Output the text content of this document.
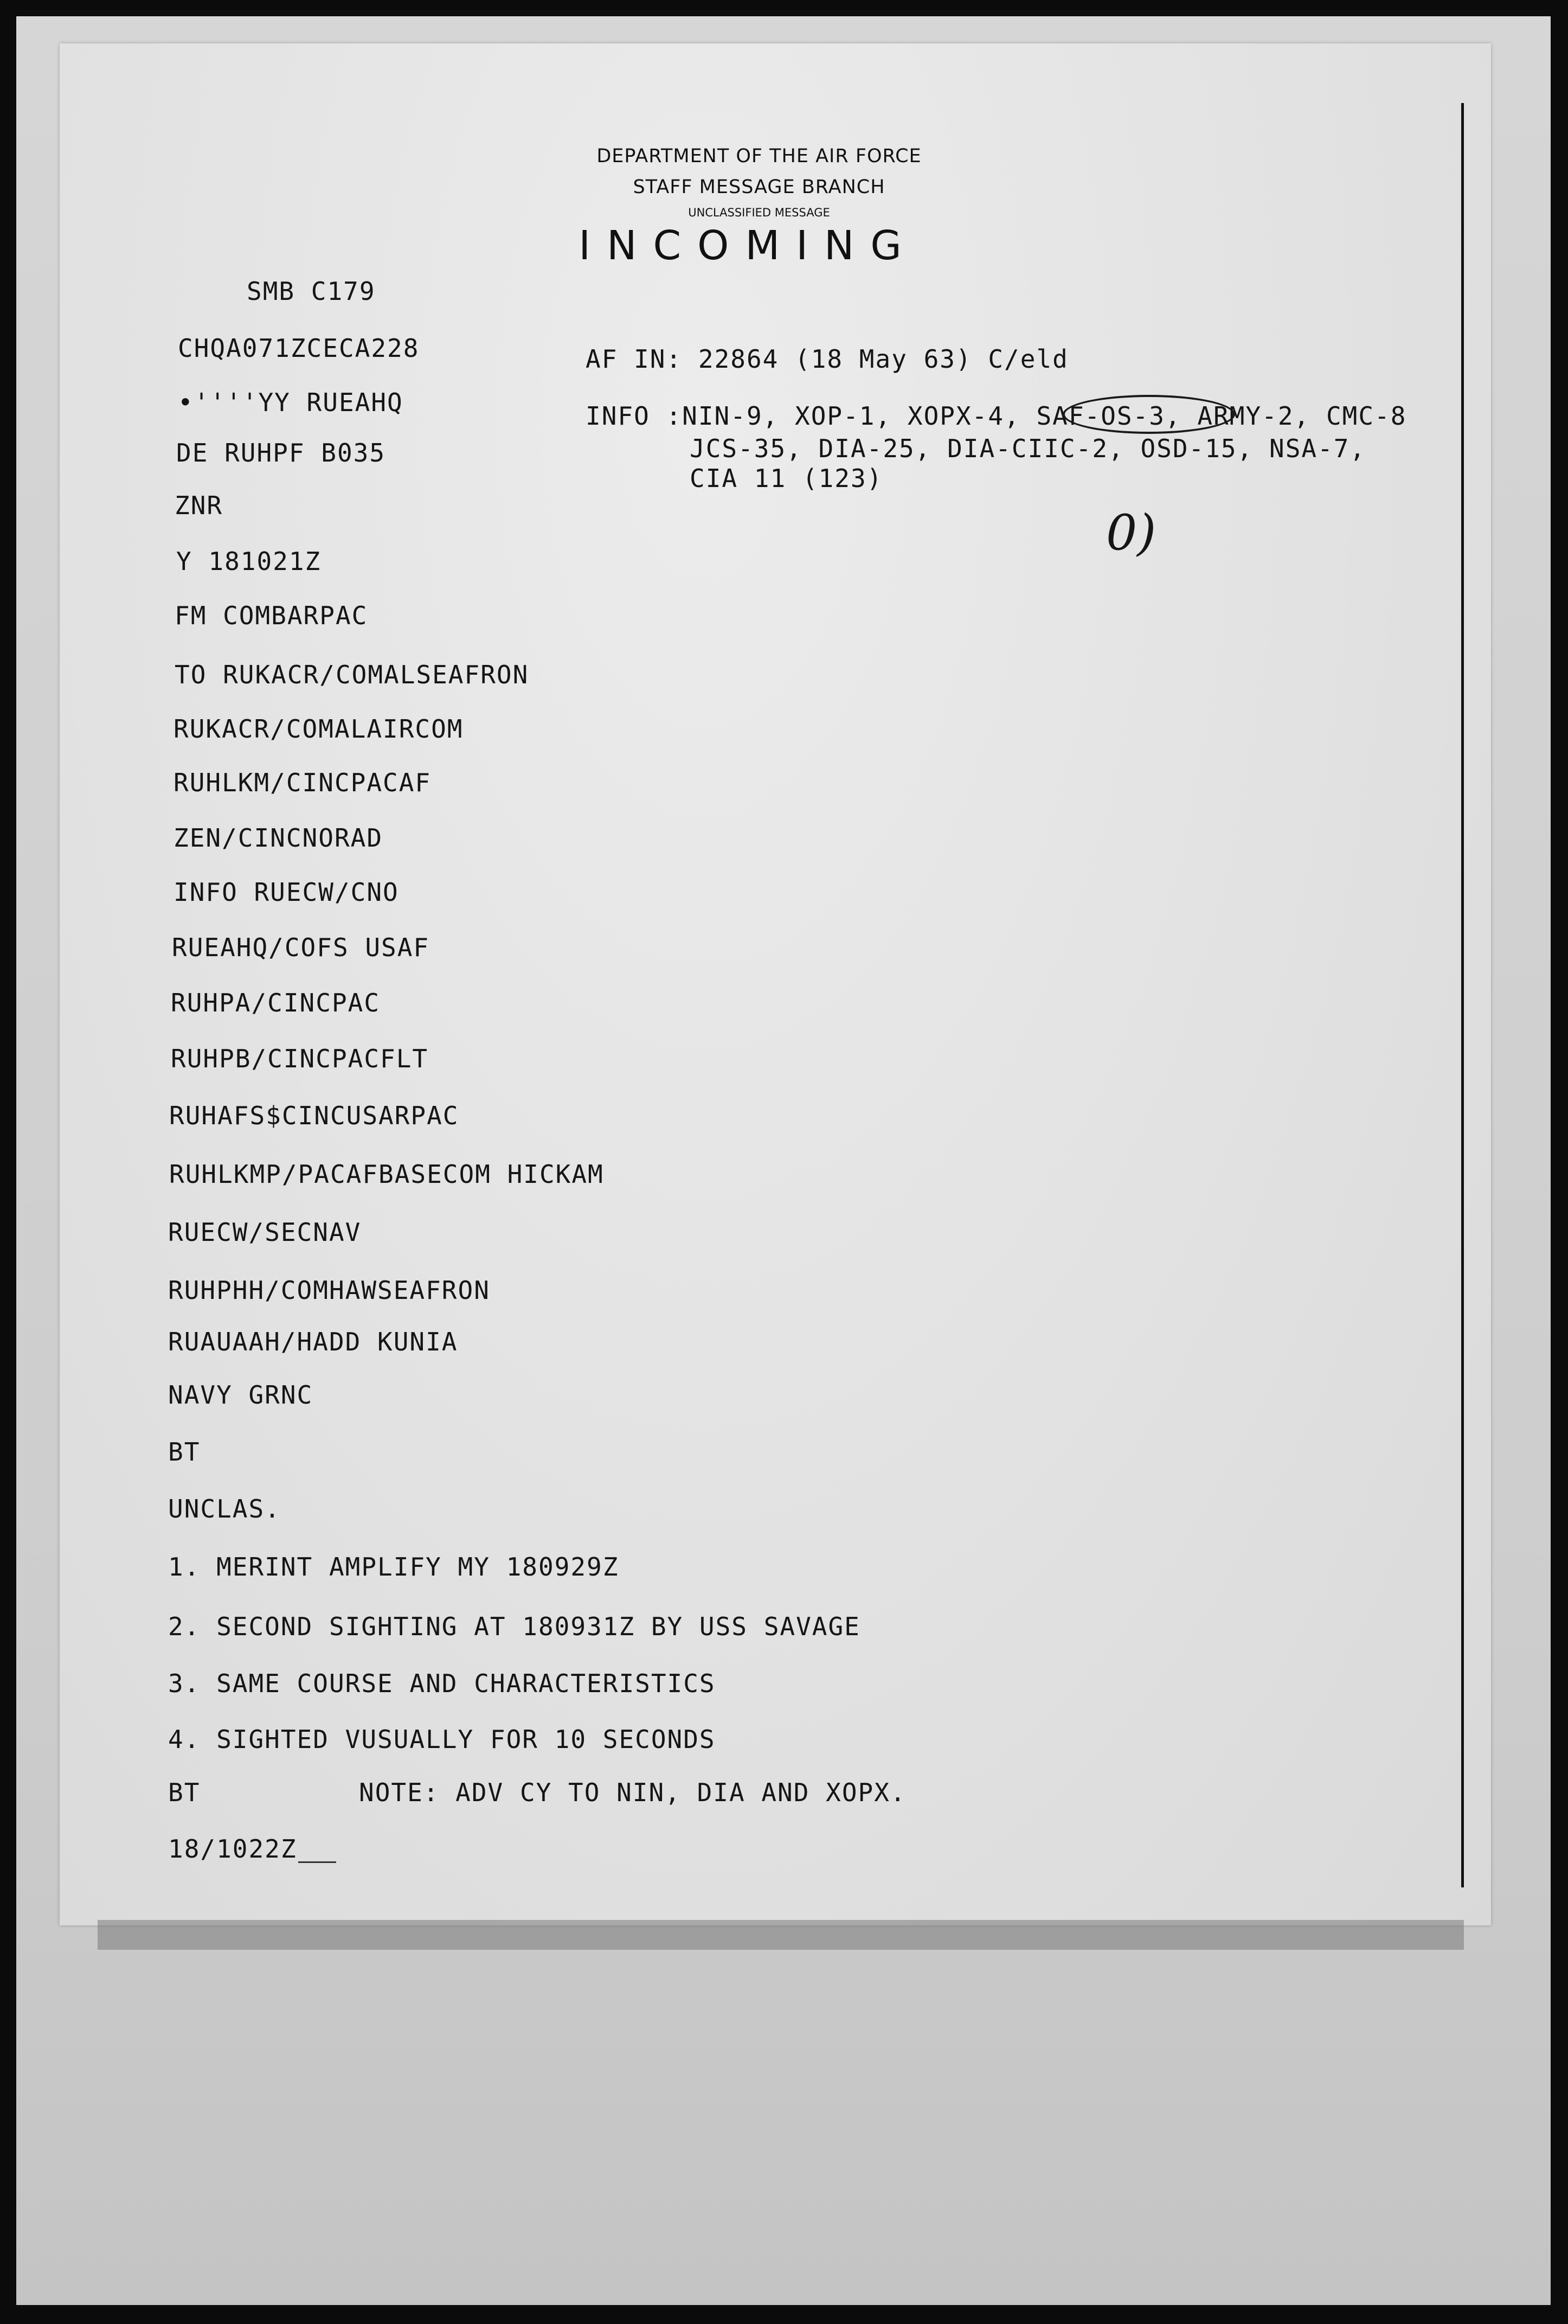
DEPARTMENT OF THE AIR FORCE
STAFF MESSAGE BRANCH
UNCLASSIFIED MESSAGE
INCOMING
SMB C179
CHQA071ZCECA228
•''''YY RUEAHQ
DE RUHPF B035
ZNR
Y 181021Z
FM COMBARPAC
TO RUKACR/COMALSEAFRON
RUKACR/COMALAIRCOM
RUHLKM/CINCPACAF
ZEN/CINCNORAD
INFO RUECW/CNO
RUEAHQ/COFS USAF
RUHPA/CINCPAC
RUHPB/CINCPACFLT
RUHAFS$CINCUSARPAC
RUHLKMP/PACAFBASECOM HICKAM
RUECW/SECNAV
RUHPHH/COMHAWSEAFRON
RUAUAAH/HADD KUNIA
NAVY GRNC
AF IN: 22864 (18 May 63) C/eld
INFO :NIN-9, XOP-1, XOPX-4, SAF-OS-3, ARMY-2, CMC-8
JCS-35, DIA-25, DIA-CIIC-2, OSD-15, NSA-7,
CIA 11 (123)
0)
BT
UNCLAS.
1. MERINT AMPLIFY MY 180929Z
2. SECOND SIGHTING AT 180931Z BY USS SAVAGE
3. SAME COURSE AND CHARACTERISTICS
4. SIGHTED VUSUALLY FOR 10 SECONDS
BT	NOTE: ADV CY TO NIN, DIA AND XOPX.
18/1022Z
